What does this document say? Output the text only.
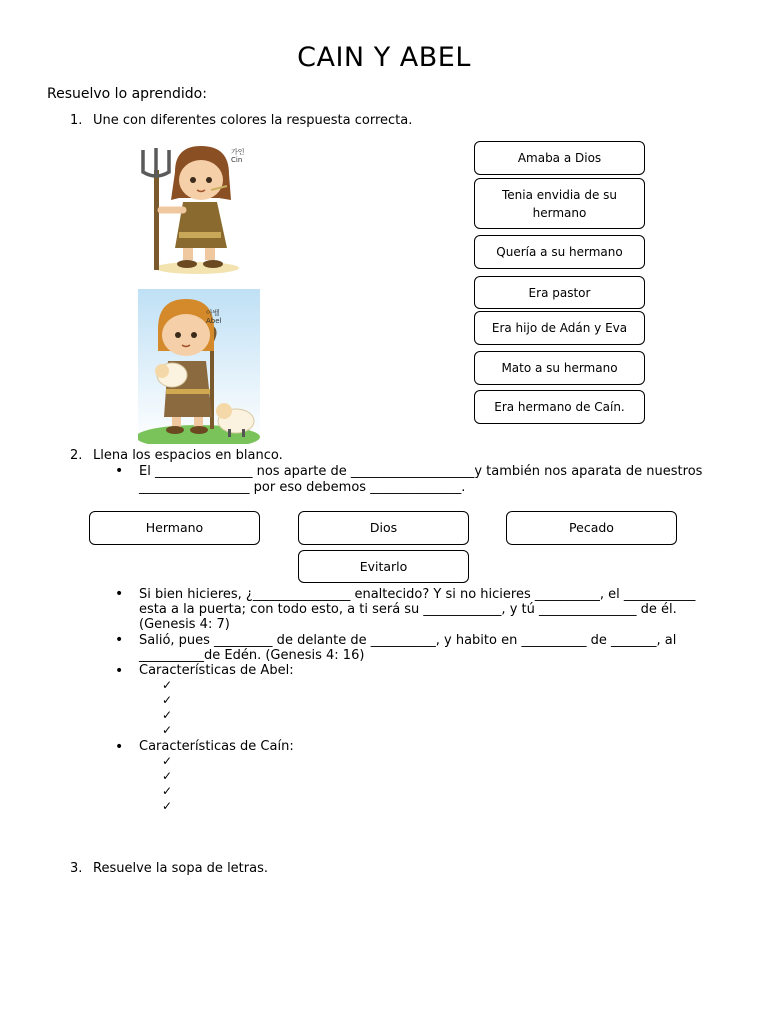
CAIN Y ABEL
Resuelvo lo aprendido:
1. Une con diferentes colores la respuesta correcta.
가인
Cin
아벨
Abel
Amaba a Dios
Tenia envidia de su hermano
Quería a su hermano
Era pastor
Era hijo de Adán y Eva
Mato a su hermano
Era hermano de Caín.
2. Llena los espacios en blanco.
• El _______________ nos aparte de ___________________y también nos aparata de nuestros
_________________ por eso debemos ______________.
Hermano	Dios	Pecado
Evitarlo
• Si bien hicieres, ¿_______________ enaltecido? Y si no hicieres __________, el ___________
esta a la puerta; con todo esto, a ti será su ____________, y tú _______________ de él.
(Genesis 4: 7)
• Salió, pues _________ de delante de __________, y habito en __________ de _______, al
__________de Edén. (Genesis 4: 16)
• Características de Abel:
✓
✓
✓
✓
• Características de Caín:
✓
✓
✓
✓
3. Resuelve la sopa de letras.
